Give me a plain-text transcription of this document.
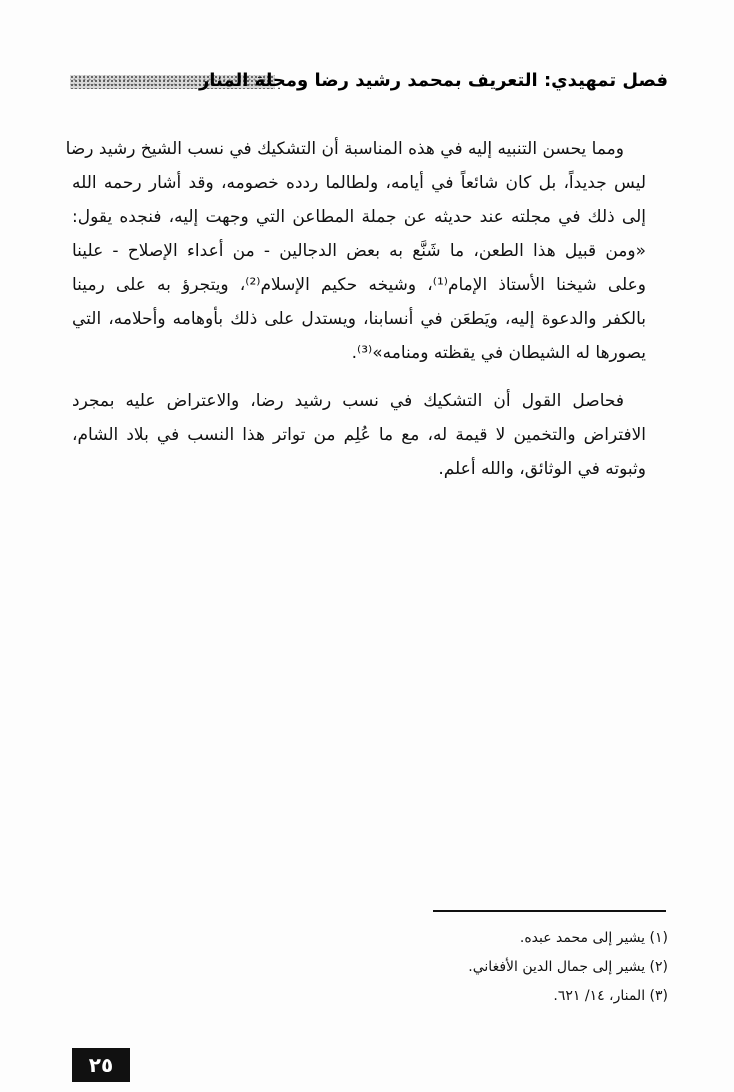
فصل تمهيدي: التعريف بمحمد رشيد رضا ومجلة المنار

ومما يحسن التنبيه إليه في هذه المناسبة أن التشكيك في نسب الشيخ رشيد رضا
ليس جديداً، بل كان شائعاً في أيامه، ولطالما ردده خصومه، وقد أشار رحمه الله
إلى ذلك في مجلته عند حديثه عن جملة المطاعن التي وجهت إليه، فنجده يقول:
«ومن قبيل هذا الطعن، ما شَنَّع به بعض الدجالين - من أعداء الإصلاح - علينا
وعلى شيخنا الأستاذ الإمام⁽¹⁾، وشيخه حكيم الإسلام⁽²⁾، ويتجرؤ به على رمينا
بالكفر والدعوة إليه، ويَطعَن في أنسابنا، ويستدل على ذلك بأوهامه وأحلامه، التي
يصورها له الشيطان في يقظته ومنامه»⁽³⁾.

فحاصل القول أن التشكيك في نسب رشيد رضا، والاعتراض عليه بمجرد
الافتراض والتخمين لا قيمة له، مع ما عُلِم من تواتر هذا النسب في بلاد الشام،
وثبوته في الوثائق، والله أعلم.

(١) يشير إلى محمد عبده.
(٢) يشير إلى جمال الدين الأفغاني.
(٣) المنار، ١٤/ ٦٢١.
٢٥
